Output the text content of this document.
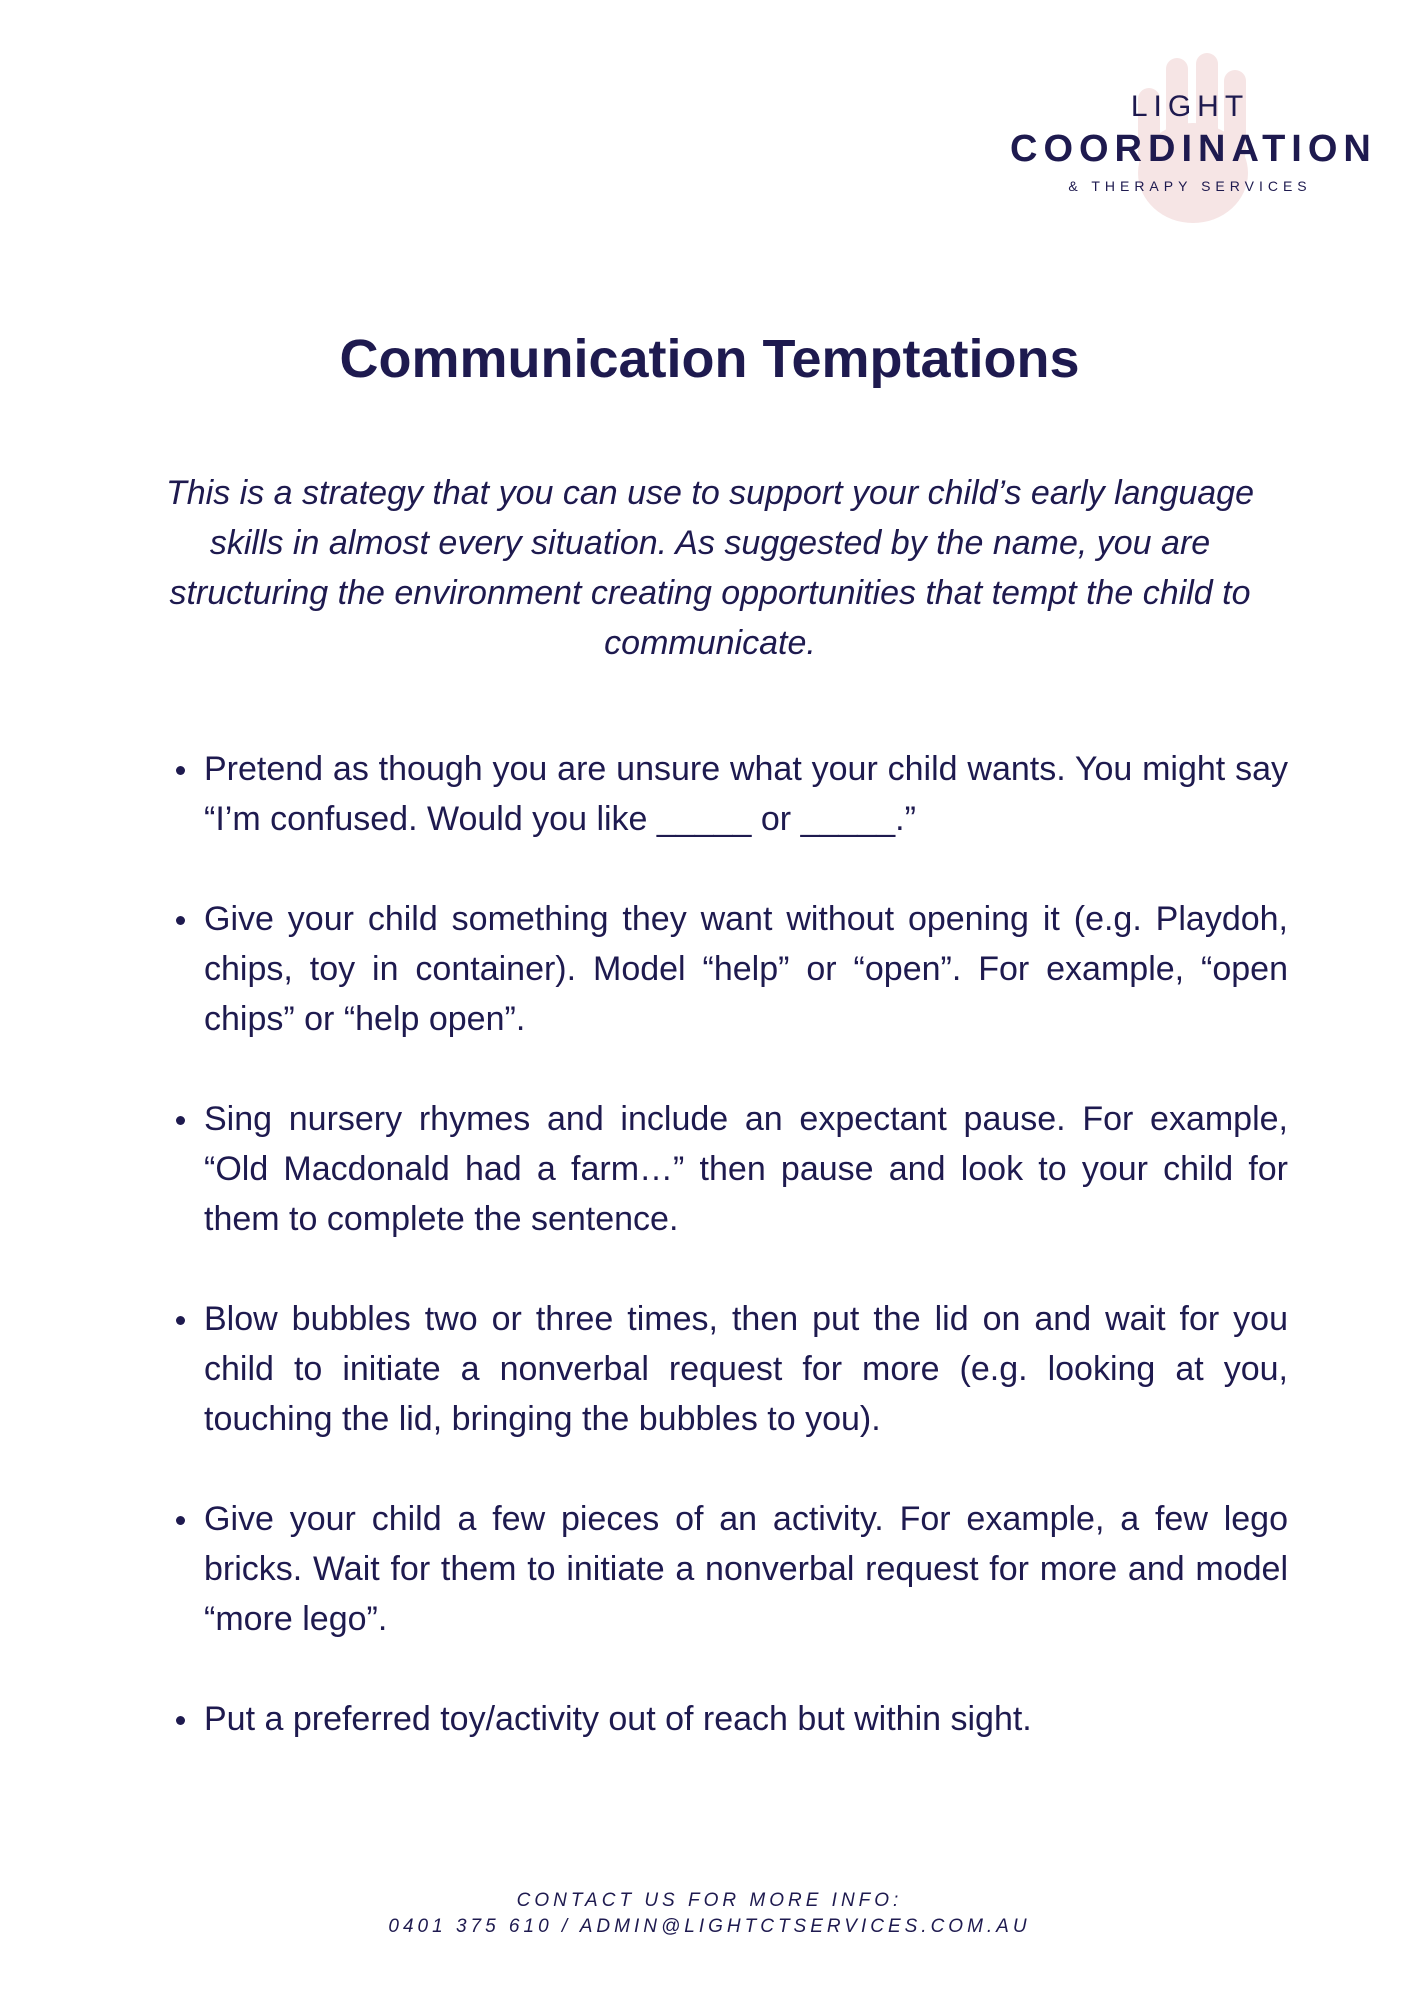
LIGHT
COORDINATION
& THERAPY SERVICES
Communication Temptations

This is a strategy that you can use to support your child’s early language skills in almost every situation. As suggested by the name, you are structuring the environment creating opportunities that tempt the child to communicate.

Pretend as though you are unsure what your child wants. You might say “I’m confused. Would you like _____ or _____.”
Give your child something they want without opening it (e.g. Playdoh, chips, toy in container). Model “help” or “open”. For example, “open chips” or “help open”.
Sing nursery rhymes and include an expectant pause. For example, “Old Macdonald had a farm…” then pause and look to your child for them to complete the sentence.
Blow bubbles two or three times, then put the lid on and wait for you child to initiate a nonverbal request for more (e.g. looking at you, touching the lid, bringing the bubbles to you).
Give your child a few pieces of an activity. For example, a few lego bricks. Wait for them to initiate a nonverbal request for more and model “more lego”.
Put a preferred toy/activity out of reach but within sight.
CONTACT US FOR MORE INFO:
0401 375 610 / ADMIN@LIGHTCTSERVICES.COM.AU
